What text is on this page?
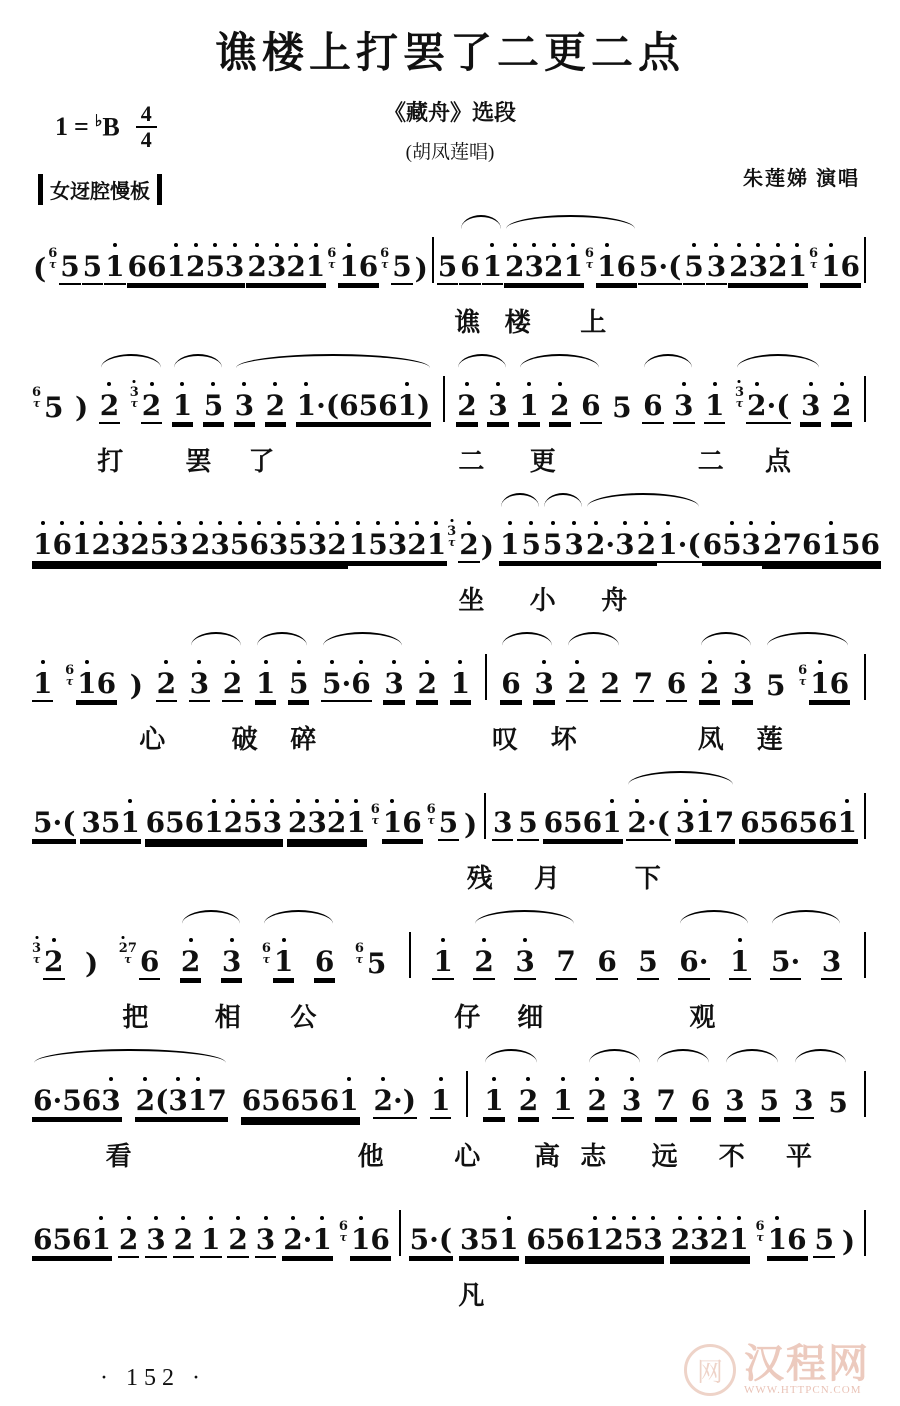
谯楼上打罢了二更二点
《藏舟》选段
(胡凤莲唱)
$1 = ^♭B \frac{4}{4}$
朱莲娣 演唱
女迓腔慢板
( 6
τ 5 5 1 661253 2321 6
τ 16 6
τ 5 ) 5 6 1 2321 6
τ 16 5·( 5 3 2321 6
τ 16
谯 楼 上
6
τ 5 ) 2 3
τ 2 1 5 3 2 1·(6561) 2 3 1 2 6 5 6 3 1 3
τ 2·( 3 2
打 罢 了	二 更	二 点
16123253 23563532 15321 3
τ 2 ) 1 5 5 3 2·3 2 1·( 653 276156
坐 小 舟
1 6
τ 16 ) 2 3 2 1 5 5·6 3 2 1 6 3 2 2 7 6 2 3 5 6
τ 16
心	破 碎	叹 坏	凤 莲
5·( 351 6561253 2321 6
τ 16 6
τ 5 ) 3 5 6561 2·( 317 656561
残 月	下
3
τ 2 ) 27
τ 6 2 3 6
τ 1 6 6
τ 5 1 2 3 7 6 5 6· 1 5· 3
把	相 公	仔 细	观
6·563 2(317 656561 2·) 1 1 2 1 2 3 7 6 3 5 3 5
看	他	心 高 志 远 不 平
6561 2 3 2 1 2 3 2·1 6
τ 16 5·( 351 6561253 2321 6
τ 16 5 )
凡
· 152 ·	网 汉程网
WWW.HTTPCN.COM
